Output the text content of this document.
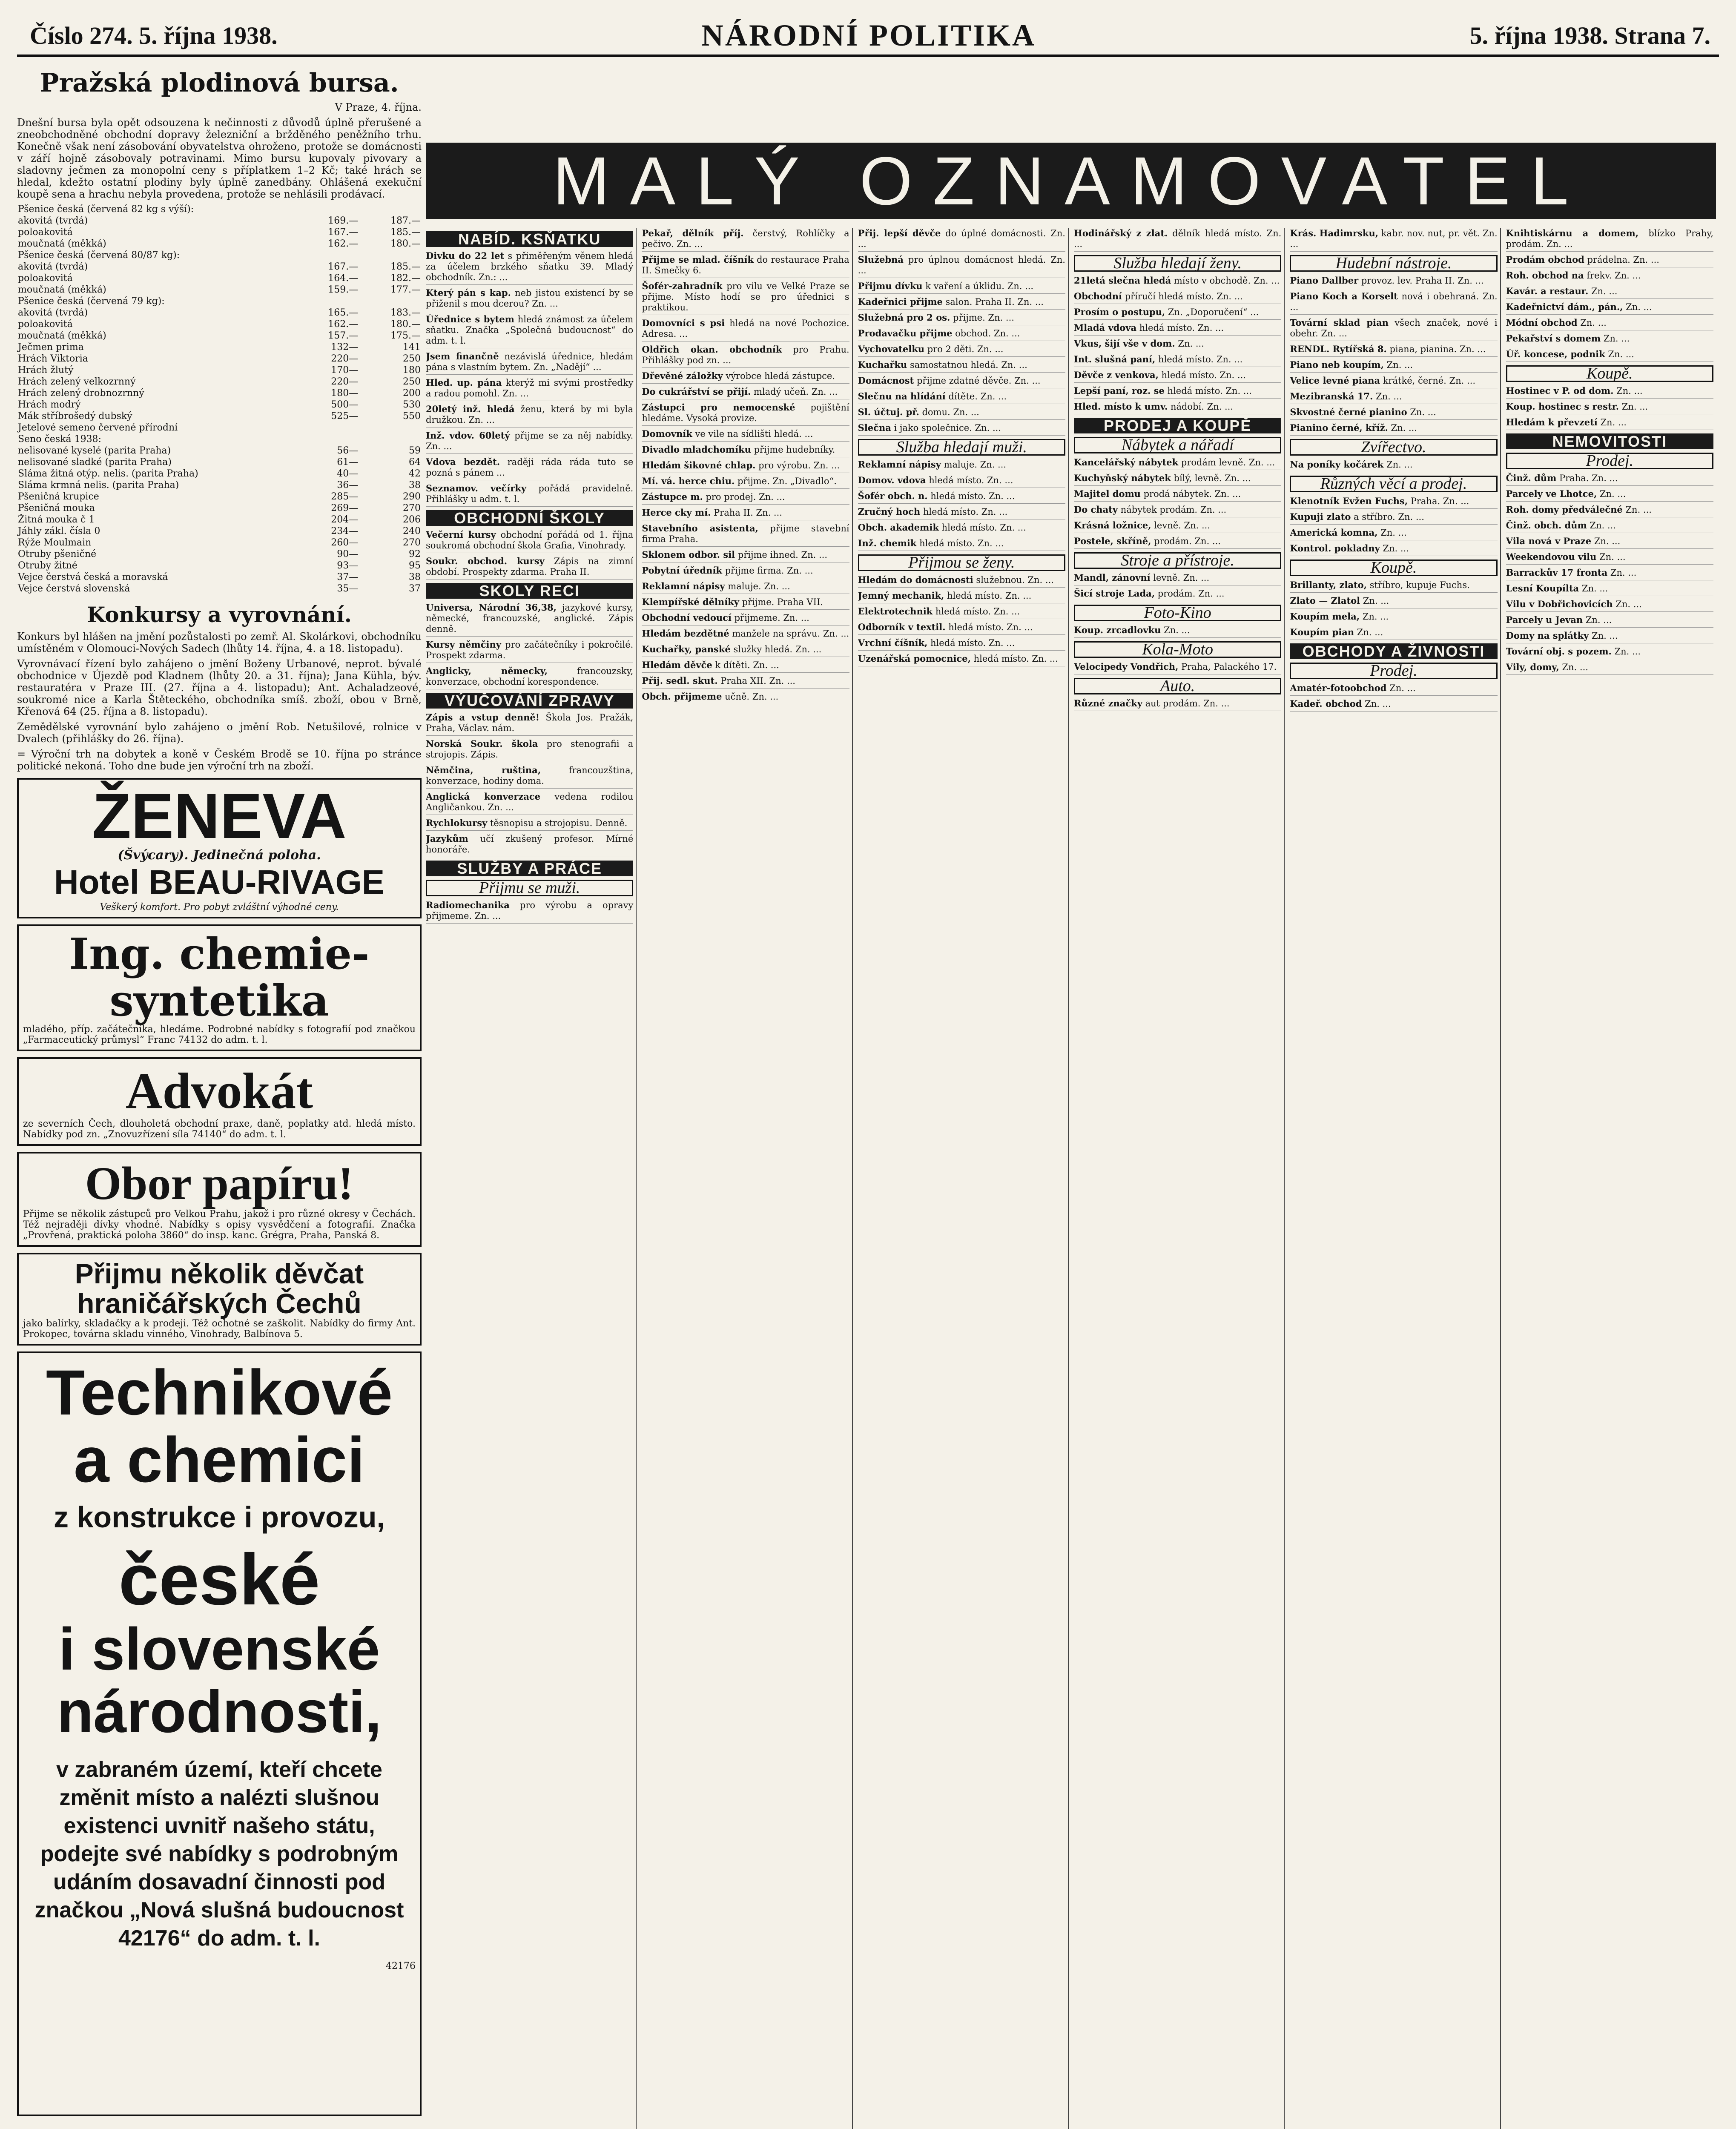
Číslo 274. 5. října 1938.	NÁRODNÍ POLITIKA	5. října 1938. Strana 7.
Pražská plodinová bursa.
V Praze, 4. října.

Dnešní bursa byla opět odsouzena k nečinnosti z důvodů úplně přerušené a zneobchodněné obchodní dopravy železniční a bržděného peněžního trhu. Konečně však není zásobování obyvatelstva ohroženo, protože se domácnosti v září hojně zásobovaly potravinami. Mimo bursu kupovaly pivovary a sladovny ječmen za monopolní ceny s příplatkem 1–2 Kč; také hrách se hledal, kdežto ostatní plodiny byly úplně zanedbány. Ohlášená exekuční koupě sena a hrachu nebyla provedena, protože se nehlásili prodávací.

Pšenice česká (červená 82 kg s výší):		
akovitá (tvrdá)	169.—	187.—
poloakovitá	167.—	185.—
moučnatá (měkká)	162.—	180.—
Pšenice česká (červená 80/87 kg):		
akovitá (tvrdá)	167.—	185.—
poloakovitá	164.—	182.—
moučnatá (měkká)	159.—	177.—
Pšenice česká (červená 79 kg):		
akovitá (tvrdá)	165.—	183.—
poloakovitá	162.—	180.—
moučnatá (měkká)	157.—	175.—
Ječmen prima	132—	141
Hrách Viktoria	220—	250
Hrách žlutý	170—	180
Hrách zelený velkozrnný	220—	250
Hrách zelený drobnozrnný	180—	200
Hrách modrý	500—	530
Mák stříbrošedý dubský	525—	550
Jetelové semeno červené přírodní		
Seno česká 1938:		
nelisované kyselé (parita Praha)	56—	59
nelisované sladké (parita Praha)	61—	64
Sláma žitná otýp. nelis. (parita Praha)	40—	42
Sláma krmná nelis. (parita Praha)	36—	38
Pšeničná krupice	285—	290
Pšeničná mouka	269—	270
Žitná mouka č 1	204—	206
Jáhly zákl. čísla 0	234—	240
Rýže Moulmain	260—	270
Otruby pšeničné	90—	92
Otruby žitné	93—	95
Vejce čerstvá česká a moravská	37—	38
Vejce čerstvá slovenská	35—	37
Konkursy a vyrovnání.

Konkurs byl hlášen na jmění pozůstalosti po zemř. Al. Skolárkovi, obchodníku umístěném v Olomouci-Nových Sadech (lhůty 14. října, 4. a 18. listopadu).

Vyrovnávací řízení bylo zahájeno o jmění Boženy Urbanové, neprot. bývalé obchodnice v Újezdě pod Kladnem (lhůty 20. a 31. října); Jana Kühla, býv. restauratéra v Praze III. (27. října a 4. listopadu); Ant. Achaladzeové, soukromé nice a Karla Štěteckého, obchodníka smíš. zboží, obou v Brně, Křenová 64 (25. října a 8. listopadu).

Zemědělské vyrovnání bylo zahájeno o jmění Rob. Netušilové, rolnice v Dvalech (přihlášky do 26. října).

= Výroční trh na dobytek a koně v Českém Brodě se 10. října po stránce politické nekoná. Toho dne bude jen výroční trh na zboží.

ŽENEVA
(Švýcary). Jedinečná poloha.
Hotel BEAU-RIVAGE
Veškerý komfort. Pro pobyt zvláštní výhodné ceny.
Ing. chemie-syntetika
mladého, příp. začátečníka, hledáme. Podrobné nabídky s fotografií pod značkou „Farmaceutický průmysl“ Franc 74132 do adm. t. l.
Advokát
ze severních Čech, dlouholetá obchodní praxe, daně, poplatky atd. hledá místo. Nabídky pod zn. „Znovuzřízení síla 74140“ do adm. t. l.
Obor papíru!
Přijme se několik zástupců pro Velkou Prahu, jakož i pro různé okresy v Čechách. Též nejraději dívky vhodné. Nabídky s opisy vysvědčení a fotografií. Značka „Provřená, praktická poloha 3860“ do insp. kanc. Grégra, Praha, Panská 8.
Přijmu několik děvčat hraničářských Čechů
jako balírky, skladačky a k prodeji. Též ochotné se zaškolit. Nabídky do firmy Ant. Prokopec, továrna skladu vinného, Vinohrady, Balbínova 5.
Technikové
a chemici
z konstrukce i provozu,
české
i slovenské
národnosti,
v zabraném území, kteří chcete změnit místo a nalézti slušnou existenci uvnitř našeho státu, podejte své nabídky s podrobným udáním dosavadní činnosti pod značkou „Nová slušná budoucnost 42176“ do adm. t. l.
42176
MALÝ OZNAMOVATEL
NABÍD. KSŇATKU
Divku do 22 let s přiměřeným věnem hledá za účelem brzkého sňatku 39. Mladý obchodník. Zn.: ...
Který pán s kap. neb jistou existencí by se přiženil s mou dcerou? Zn. ...
Úřednice s bytem hledá známost za účelem sňatku. Značka „Společná budoucnost“ do adm. t. l.
Jsem finančně nezávislá úřednice, hledám pána s vlastním bytem. Zn. „Nadějí“ ...
Hled. up. pána kterýž mi svými prostředky a radou pomohl. Zn. ...
20letý inž. hledá ženu, která by mi byla družkou. Zn. ...
Inž. vdov. 60letý přijme se za něj nabídky. Zn. ...
Vdova bezdět. raději ráda ráda tuto se pozná s pánem ...
Seznamov. večírky pořádá pravidelně. Přihlášky u adm. t. l.
OBCHODNÍ ŠKOLY
Večerní kursy obchodní pořádá od 1. října soukromá obchodní škola Grafia, Vinohrady.
Soukr. obchod. kursy Zápis na zimní období. Prospekty zdarma. Praha II.
SKOLY RECI
Universa, Národní 36,38, jazykové kursy, německé, francouzské, anglické. Zápis denně.
Kursy němčiny pro začátečníky i pokročilé. Prospekt zdarma.
Anglicky, německy, francouzsky, konverzace, obchodní korespondence.
VÝUČOVÁNÍ ZPRAVY
Zápis a vstup denně! Škola Jos. Pražák, Praha, Václav. nám.
Norská Soukr. škola pro stenografii a strojopis. Zápis.
Němčina, ruština, francouzština, konverzace, hodiny doma.
Anglická konverzace vedena rodilou Angličankou. Zn. ...
Rychlokursy těsnopisu a strojopisu. Denně.
Jazykům učí zkušený profesor. Mírné honoráře.
SLUŽBY A PRÁCE
Přijmu se muži.
Radiomechanika pro výrobu a opravy přijmeme. Zn. ...
Pekař, dělník příj. čerstvý, Rohlíčky a pečivo. Zn. ...
Přijme se mlad. číšník do restaurace Praha II. Smečky 6.
Šofér-zahradník pro vilu ve Velké Praze se přijme. Místo hodí se pro úřednici s praktikou.
Domovníci s psi hledá na nové Pochozice. Adresa. ...
Oldřich okan. obchodník pro Prahu. Přihlášky pod zn. ...
Dřevěné záložky výrobce hledá zástupce.
Do cukrářství se přijí. mladý učeň. Zn. ...
Zástupci pro nemocenské pojištění hledáme. Vysoká provize.
Domovník ve vile na sídlišti hledá. ...
Divadlo mladchomíku přijme hudebníky.
Hledám šikovné chlap. pro výrobu. Zn. ...
Mí. vá. herce chiu. přijme. Zn. „Divadlo“.
Zástupce m. pro prodej. Zn. ...
Herce cky mí. Praha II. Zn. ...
Stavebního asistenta, přijme stavební firma Praha.
Sklonem odbor. sil přijme ihned. Zn. ...
Pobytní úředník přijme firma. Zn. ...
Reklamní nápisy maluje. Zn. ...
Klempířské dělníky přijme. Praha VII.
Obchodní vedoucí přijmeme. Zn. ...
Hledám bezdětné manžele na správu. Zn. ...
Kuchařky, panské služky hledá. Zn. ...
Hledám děvče k dítěti. Zn. ...
Přij. sedl. skut. Praha XII. Zn. ...
Obch. přijmeme učně. Zn. ...
Přij. lepší děvče do úplné domácnosti. Zn. ...
Služebná pro úplnou domácnost hledá. Zn. ...
Přijmu dívku k vaření a úklidu. Zn. ...
Kadeřnici přijme salon. Praha II. Zn. ...
Služebná pro 2 os. přijme. Zn. ...
Prodavačku přijme obchod. Zn. ...
Vychovatelku pro 2 děti. Zn. ...
Kuchařku samostatnou hledá. Zn. ...
Domácnost přijme zdatné děvče. Zn. ...
Slečnu na hlídání dítěte. Zn. ...
Sl. účtuj. př. domu. Zn. ...
Slečna i jako společnice. Zn. ...
Služba hledají muži.
Reklamní nápisy maluje. Zn. ...
Domov. vdova hledá místo. Zn. ...
Šofér obch. n. hledá místo. Zn. ...
Zručný hoch hledá místo. Zn. ...
Obch. akademik hledá místo. Zn. ...
Inž. chemik hledá místo. Zn. ...
Přijmou se ženy.
Hledám do domácnosti služebnou. Zn. ...
Jemný mechanik, hledá místo. Zn. ...
Elektrotechnik hledá místo. Zn. ...
Odborník v textil. hledá místo. Zn. ...
Vrchní číšník, hledá místo. Zn. ...
Uzenářská pomocnice, hledá místo. Zn. ...
Hodinářský z zlat. dělník hledá místo. Zn. ...
Služba hledají ženy.
21letá slečna hledá místo v obchodě. Zn. ...
Obchodní příručí hledá místo. Zn. ...
Prosím o postupu, Zn. „Doporučení“ ...
Mladá vdova hledá místo. Zn. ...
Vkus, šijí vše v dom. Zn. ...
Int. slušná paní, hledá místo. Zn. ...
Děvče z venkova, hledá místo. Zn. ...
Lepší paní, roz. se hledá místo. Zn. ...
Hled. místo k umv. nádobí. Zn. ...
PRODEJ A KOUPĚ
Nábytek a nářadí
Kancelářský nábytek prodám levně. Zn. ...
Kuchyňský nábytek bílý, levně. Zn. ...
Majitel domu prodá nábytek. Zn. ...
Do chaty nábytek prodám. Zn. ...
Krásná ložnice, levně. Zn. ...
Postele, skříně, prodám. Zn. ...
Stroje a přístroje.
Mandl, zánovní levně. Zn. ...
Šicí stroje Lada, prodám. Zn. ...
Foto-Kino
Koup. zrcadlovku Zn. ...
Kola-Moto
Velocipedy Vondřich, Praha, Palackého 17.
Auto.
Různé značky aut prodám. Zn. ...
Krás. Hadimrsku, kabr. nov. nut, pr. vět. Zn. ...
Hudební nástroje.
Piano Dallber provoz. lev. Praha II. Zn. ...
Piano Koch a Korselt nová i obehraná. Zn. ...
Tovární sklad pian všech značek, nové i obehr. Zn. ...
RENDL. Rytířská 8. piana, pianina. Zn. ...
Piano neb koupím, Zn. ...
Velice levné piana krátké, černé. Zn. ...
Mezibranská 17. Zn. ...
Skvostné černé pianino Zn. ...
Pianino černé, kříž. Zn. ...
Zvířectvo.
Na poníky kočárek Zn. ...
Různých věcí a prodej.
Klenotník Evžen Fuchs, Praha. Zn. ...
Kupuji zlato a stříbro. Zn. ...
Americká komna, Zn. ...
Kontrol. pokladny Zn. ...
Koupě.
Brillanty, zlato, stříbro, kupuje Fuchs.
Zlato — Zlatol Zn. ...
Koupím mela, Zn. ...
Koupím pian Zn. ...
OBCHODY A ŽIVNOSTI
Prodej.
Amatér-fotoobchod Zn. ...
Kadeř. obchod Zn. ...
Knihtiskárnu a domem, blízko Prahy, prodám. Zn. ...
Prodám obchod prádelna. Zn. ...
Roh. obchod na frekv. Zn. ...
Kavár. a restaur. Zn. ...
Kadeřnictví dám., pán., Zn. ...
Módní obchod Zn. ...
Pekařství s domem Zn. ...
Úř. koncese, podnik Zn. ...
Koupě.
Hostinec v P. od dom. Zn. ...
Koup. hostinec s restr. Zn. ...
Hledám k převzetí Zn. ...
NEMOVITOSTI
Prodej.
Činž. dům Praha. Zn. ...
Parcely ve Lhotce, Zn. ...
Roh. domy předválečné Zn. ...
Činž. obch. dům Zn. ...
Vila nová v Praze Zn. ...
Weekendovou vilu Zn. ...
Barrackův 17 fronta Zn. ...
Lesní Koupílta Zn. ...
Vilu v Dobřichovicích Zn. ...
Parcely u Jevan Zn. ...
Domy na splátky Zn. ...
Tovární obj. s pozem. Zn. ...
Vily, domy, Zn. ...
